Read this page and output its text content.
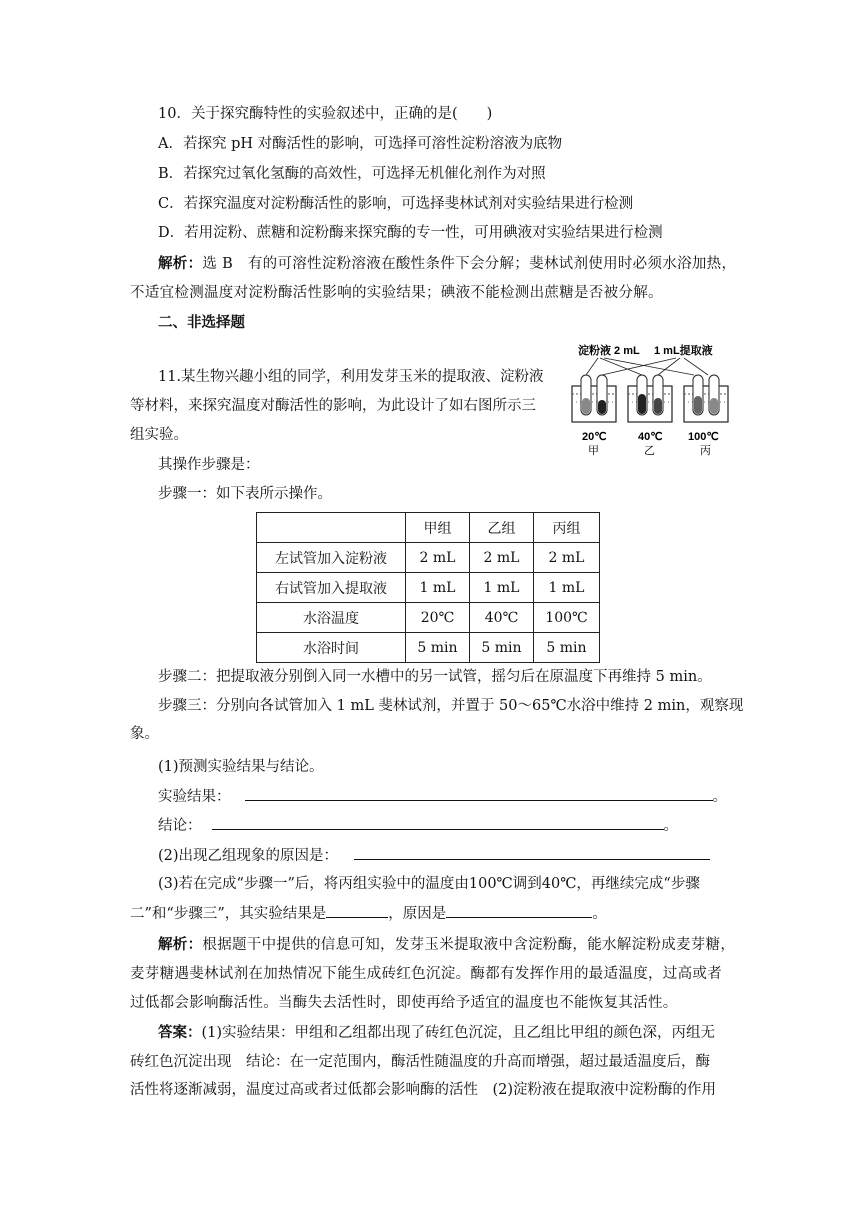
10．关于探究酶特性的实验叙述中，正确的是(　　)
A．若探究 pH 对酶活性的影响，可选择可溶性淀粉溶液为底物
B．若探究过氧化氢酶的高效性，可选择无机催化剂作为对照
C．若探究温度对淀粉酶活性的影响，可选择斐林试剂对实验结果进行检测
D．若用淀粉、蔗糖和淀粉酶来探究酶的专一性，可用碘液对实验结果进行检测
解析：选 B　有的可溶性淀粉溶液在酸性条件下会分解；斐林试剂使用时必须水浴加热，
不适宜检测温度对淀粉酶活性影响的实验结果；碘液不能检测出蔗糖是否被分解。
二、非选择题
11.某生物兴趣小组的同学，利用发芽玉米的提取液、淀粉液
等材料，来探究温度对酶活性的影响，为此设计了如右图所示三
组实验。
淀粉液 2 mL 1 mL提取液
20℃
甲
40℃
乙
100℃
丙
其操作步骤是：
步骤一：如下表所示操作。
	甲组	乙组	丙组
左试管加入淀粉液	2 mL	2 mL	2 mL
右试管加入提取液	1 mL	1 mL	1 mL
水浴温度	20℃	40℃	100℃
水浴时间	5 min	5 min	5 min
步骤二：把提取液分别倒入同一水槽中的另一试管，摇匀后在原温度下再维持 5 min。
步骤三：分别向各试管加入 1 mL 斐林试剂，并置于 50～65℃水浴中维持 2 min，观察现
象。
(1)预测实验结果与结论。
实验结果：	。
结论：	。
(2)出现乙组现象的原因是：
(3)若在完成“步骤一”后，将丙组实验中的温度由100℃调到40℃，再继续完成“步骤
二”和“步骤三”，其实验结果是	，原因是	。
解析：根据题干中提供的信息可知，发芽玉米提取液中含淀粉酶，能水解淀粉成麦芽糖，
麦芽糖遇斐林试剂在加热情况下能生成砖红色沉淀。酶都有发挥作用的最适温度，过高或者
过低都会影响酶活性。当酶失去活性时，即使再给予适宜的温度也不能恢复其活性。
答案：(1)实验结果：甲组和乙组都出现了砖红色沉淀，且乙组比甲组的颜色深，丙组无
砖红色沉淀出现　结论：在一定范围内，酶活性随温度的升高而增强，超过最适温度后，酶
活性将逐渐减弱，温度过高或者过低都会影响酶的活性　(2)淀粉液在提取液中淀粉酶的作用
